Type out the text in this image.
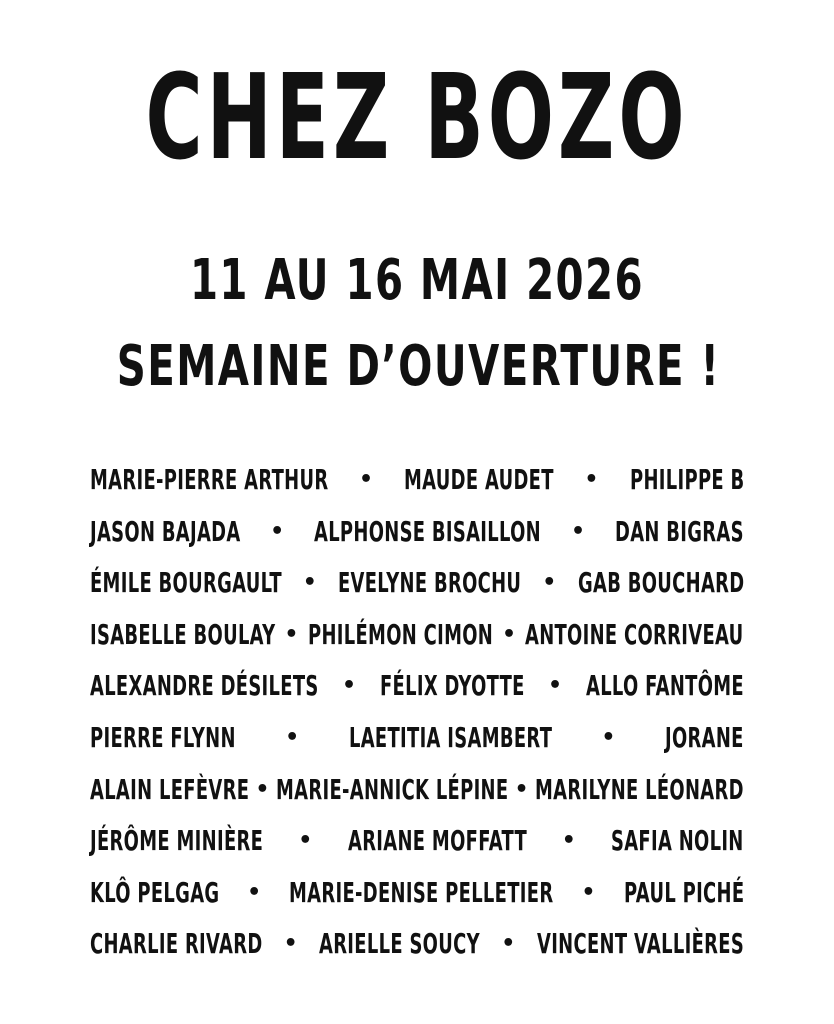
CHEZ BOZO
11 AU 16 MAI 2026
SEMAINE D’OUVERTURE !
MARIE-PIERRE ARTHUR • MAUDE AUDET • PHILIPPE B
JASON BAJADA • ALPHONSE BISAILLON • DAN BIGRAS
ÉMILE BOURGAULT • EVELYNE BROCHU • GAB BOUCHARD
ISABELLE BOULAY • PHILÉMON CIMON • ANTOINE CORRIVEAU
ALEXANDRE DÉSILETS • FÉLIX DYOTTE • ALLO FANTÔME
PIERRE FLYNN • LAETITIA ISAMBERT • JORANE
ALAIN LEFÈVRE • MARIE-ANNICK LÉPINE • MARILYNE LÉONARD
JÉRÔME MINIÈRE • ARIANE MOFFATT • SAFIA NOLIN
KLÔ PELGAG • MARIE-DENISE PELLETIER • PAUL PICHÉ
CHARLIE RIVARD • ARIELLE SOUCY • VINCENT VALLIÈRES
